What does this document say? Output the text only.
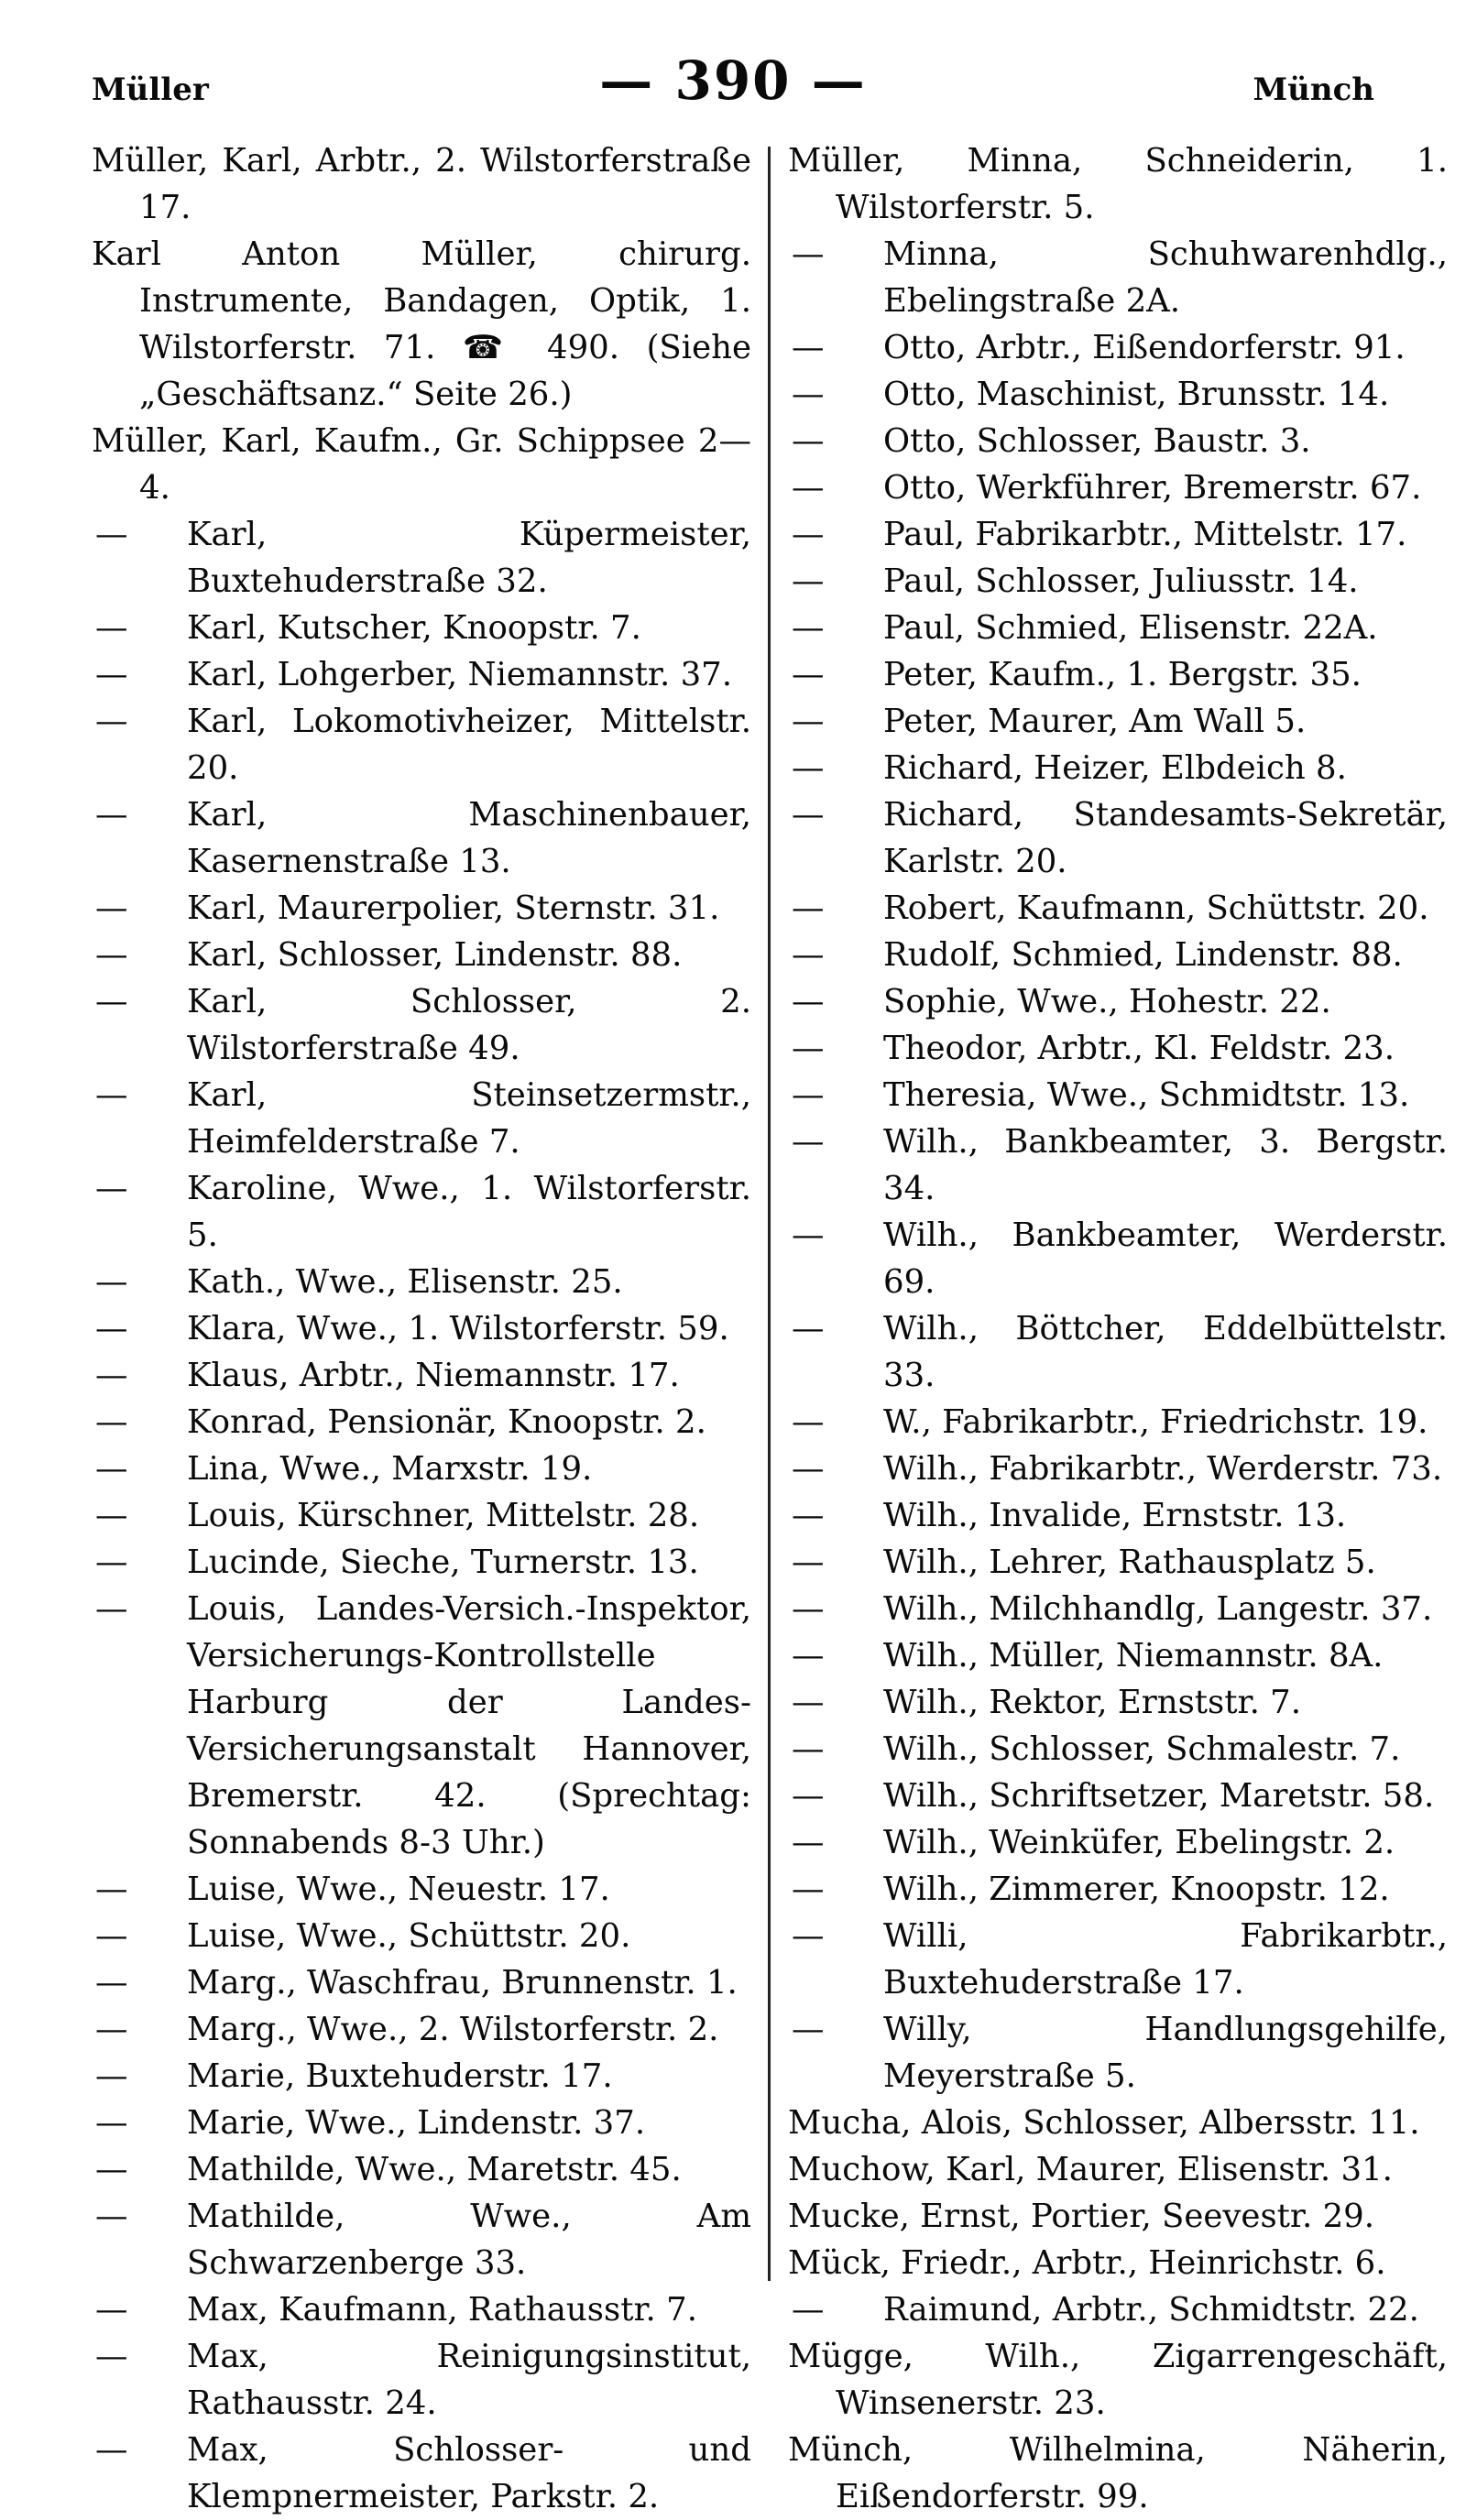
Müller	— 390 —	Münch

Müller, Karl, Arbtr., 2. Wilstorferstraße 17.

Karl Anton Müller, chirurg. Instrumente, Bandagen, Optik, 1. Wilstorferstr. 71. ☎ 490. (Siehe „Geschäftsanz.“ Seite 26.)

Müller, Karl, Kaufm., Gr. Schippsee 2—4.

— Karl, Küpermeister, Buxtehuderstraße 32.

— Karl, Kutscher, Knoopstr. 7.

— Karl, Lohgerber, Niemannstr. 37.

— Karl, Lokomotivheizer, Mittelstr. 20.

— Karl, Maschinenbauer, Kasernenstraße 13.

— Karl, Maurerpolier, Sternstr. 31.

— Karl, Schlosser, Lindenstr. 88.

— Karl, Schlosser, 2. Wilstorferstraße 49.

— Karl, Steinsetzermstr., Heimfelderstraße 7.

— Karoline, Wwe., 1. Wilstorferstr. 5.

— Kath., Wwe., Elisenstr. 25.

— Klara, Wwe., 1. Wilstorferstr. 59.

— Klaus, Arbtr., Niemannstr. 17.

— Konrad, Pensionär, Knoopstr. 2.

— Lina, Wwe., Marxstr. 19.

— Louis, Kürschner, Mittelstr. 28.

— Lucinde, Sieche, Turnerstr. 13.

— Louis, Landes-Versich.-Inspektor, Versicherungs-Kontrollstelle Harburg der Landes-Versicherungsanstalt Hannover, Bremerstr. 42. (Sprechtag: Sonnabends 8-3 Uhr.)

— Luise, Wwe., Neuestr. 17.

— Luise, Wwe., Schüttstr. 20.

— Marg., Waschfrau, Brunnenstr. 1.

— Marg., Wwe., 2. Wilstorferstr. 2.

— Marie, Buxtehuderstr. 17.

— Marie, Wwe., Lindenstr. 37.

— Mathilde, Wwe., Maretstr. 45.

— Mathilde, Wwe., Am Schwarzenberge 33.

— Max, Kaufmann, Rathausstr. 7.

— Max, Reinigungsinstitut, Rathausstr. 24.

— Max, Schlosser- und Klempnermeister, Parkstr. 2.

Müller, Minna, Schneiderin, 1. Wilstorferstr. 5.

— Minna, Schuhwarenhdlg., Ebelingstraße 2A.

— Otto, Arbtr., Eißendorferstr. 91.

— Otto, Maschinist, Brunsstr. 14.

— Otto, Schlosser, Baustr. 3.

— Otto, Werkführer, Bremerstr. 67.

— Paul, Fabrikarbtr., Mittelstr. 17.

— Paul, Schlosser, Juliusstr. 14.

— Paul, Schmied, Elisenstr. 22A.

— Peter, Kaufm., 1. Bergstr. 35.

— Peter, Maurer, Am Wall 5.

— Richard, Heizer, Elbdeich 8.

— Richard, Standesamts-Sekretär, Karlstr. 20.

— Robert, Kaufmann, Schüttstr. 20.

— Rudolf, Schmied, Lindenstr. 88.

— Sophie, Wwe., Hohestr. 22.

— Theodor, Arbtr., Kl. Feldstr. 23.

— Theresia, Wwe., Schmidtstr. 13.

— Wilh., Bankbeamter, 3. Bergstr. 34.

— Wilh., Bankbeamter, Werderstr. 69.

— Wilh., Böttcher, Eddelbüttelstr. 33.

— W., Fabrikarbtr., Friedrichstr. 19.

— Wilh., Fabrikarbtr., Werderstr. 73.

— Wilh., Invalide, Ernststr. 13.

— Wilh., Lehrer, Rathausplatz 5.

— Wilh., Milchhandlg, Langestr. 37.

— Wilh., Müller, Niemannstr. 8A.

— Wilh., Rektor, Ernststr. 7.

— Wilh., Schlosser, Schmalestr. 7.

— Wilh., Schriftsetzer, Maretstr. 58.

— Wilh., Weinküfer, Ebelingstr. 2.

— Wilh., Zimmerer, Knoopstr. 12.

— Willi, Fabrikarbtr., Buxtehuderstraße 17.

— Willy, Handlungsgehilfe, Meyerstraße 5.

Mucha, Alois, Schlosser, Albersstr. 11.

Muchow, Karl, Maurer, Elisenstr. 31.

Mucke, Ernst, Portier, Seevestr. 29.

Mück, Friedr., Arbtr., Heinrichstr. 6.

— Raimund, Arbtr., Schmidtstr. 22.

Mügge, Wilh., Zigarrengeschäft, Winsenerstr. 23.

Münch, Wilhelmina, Näherin, Eißendorferstr. 99.
